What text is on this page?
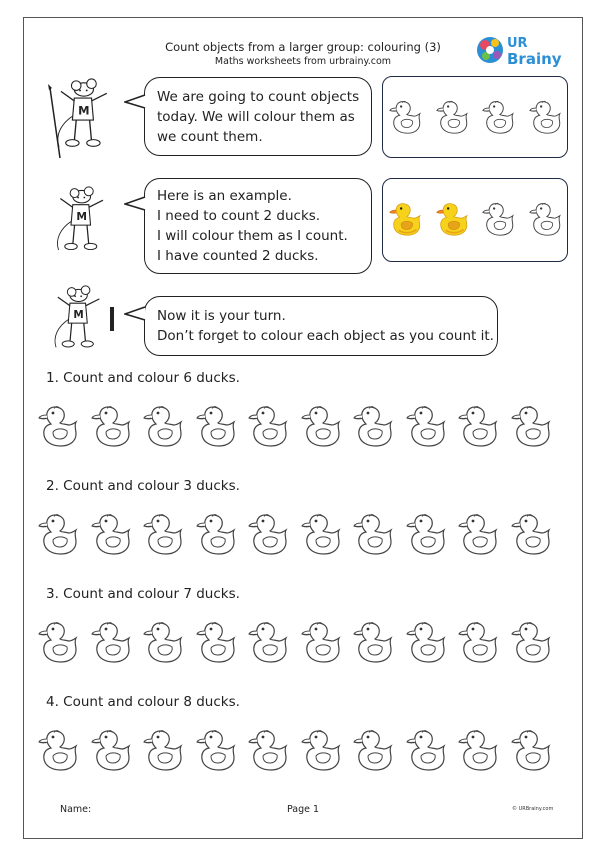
Count objects from a larger group: colouring (3)
Maths worksheets from urbrainy.com
UR
Brainy
We are going to count objects
today. We will colour them as
we count them.
Here is an example.
I need to count 2 ducks.
I will colour them as I count.
I have counted 2 ducks.
Now it is your turn.
Don’t forget to colour each object as you count it.
1. Count and colour 6 ducks.
2. Count and colour 3 ducks.
3. Count and colour 7 ducks.
4. Count and colour 8 ducks.
Name:	Page 1	© URBrainy.com
